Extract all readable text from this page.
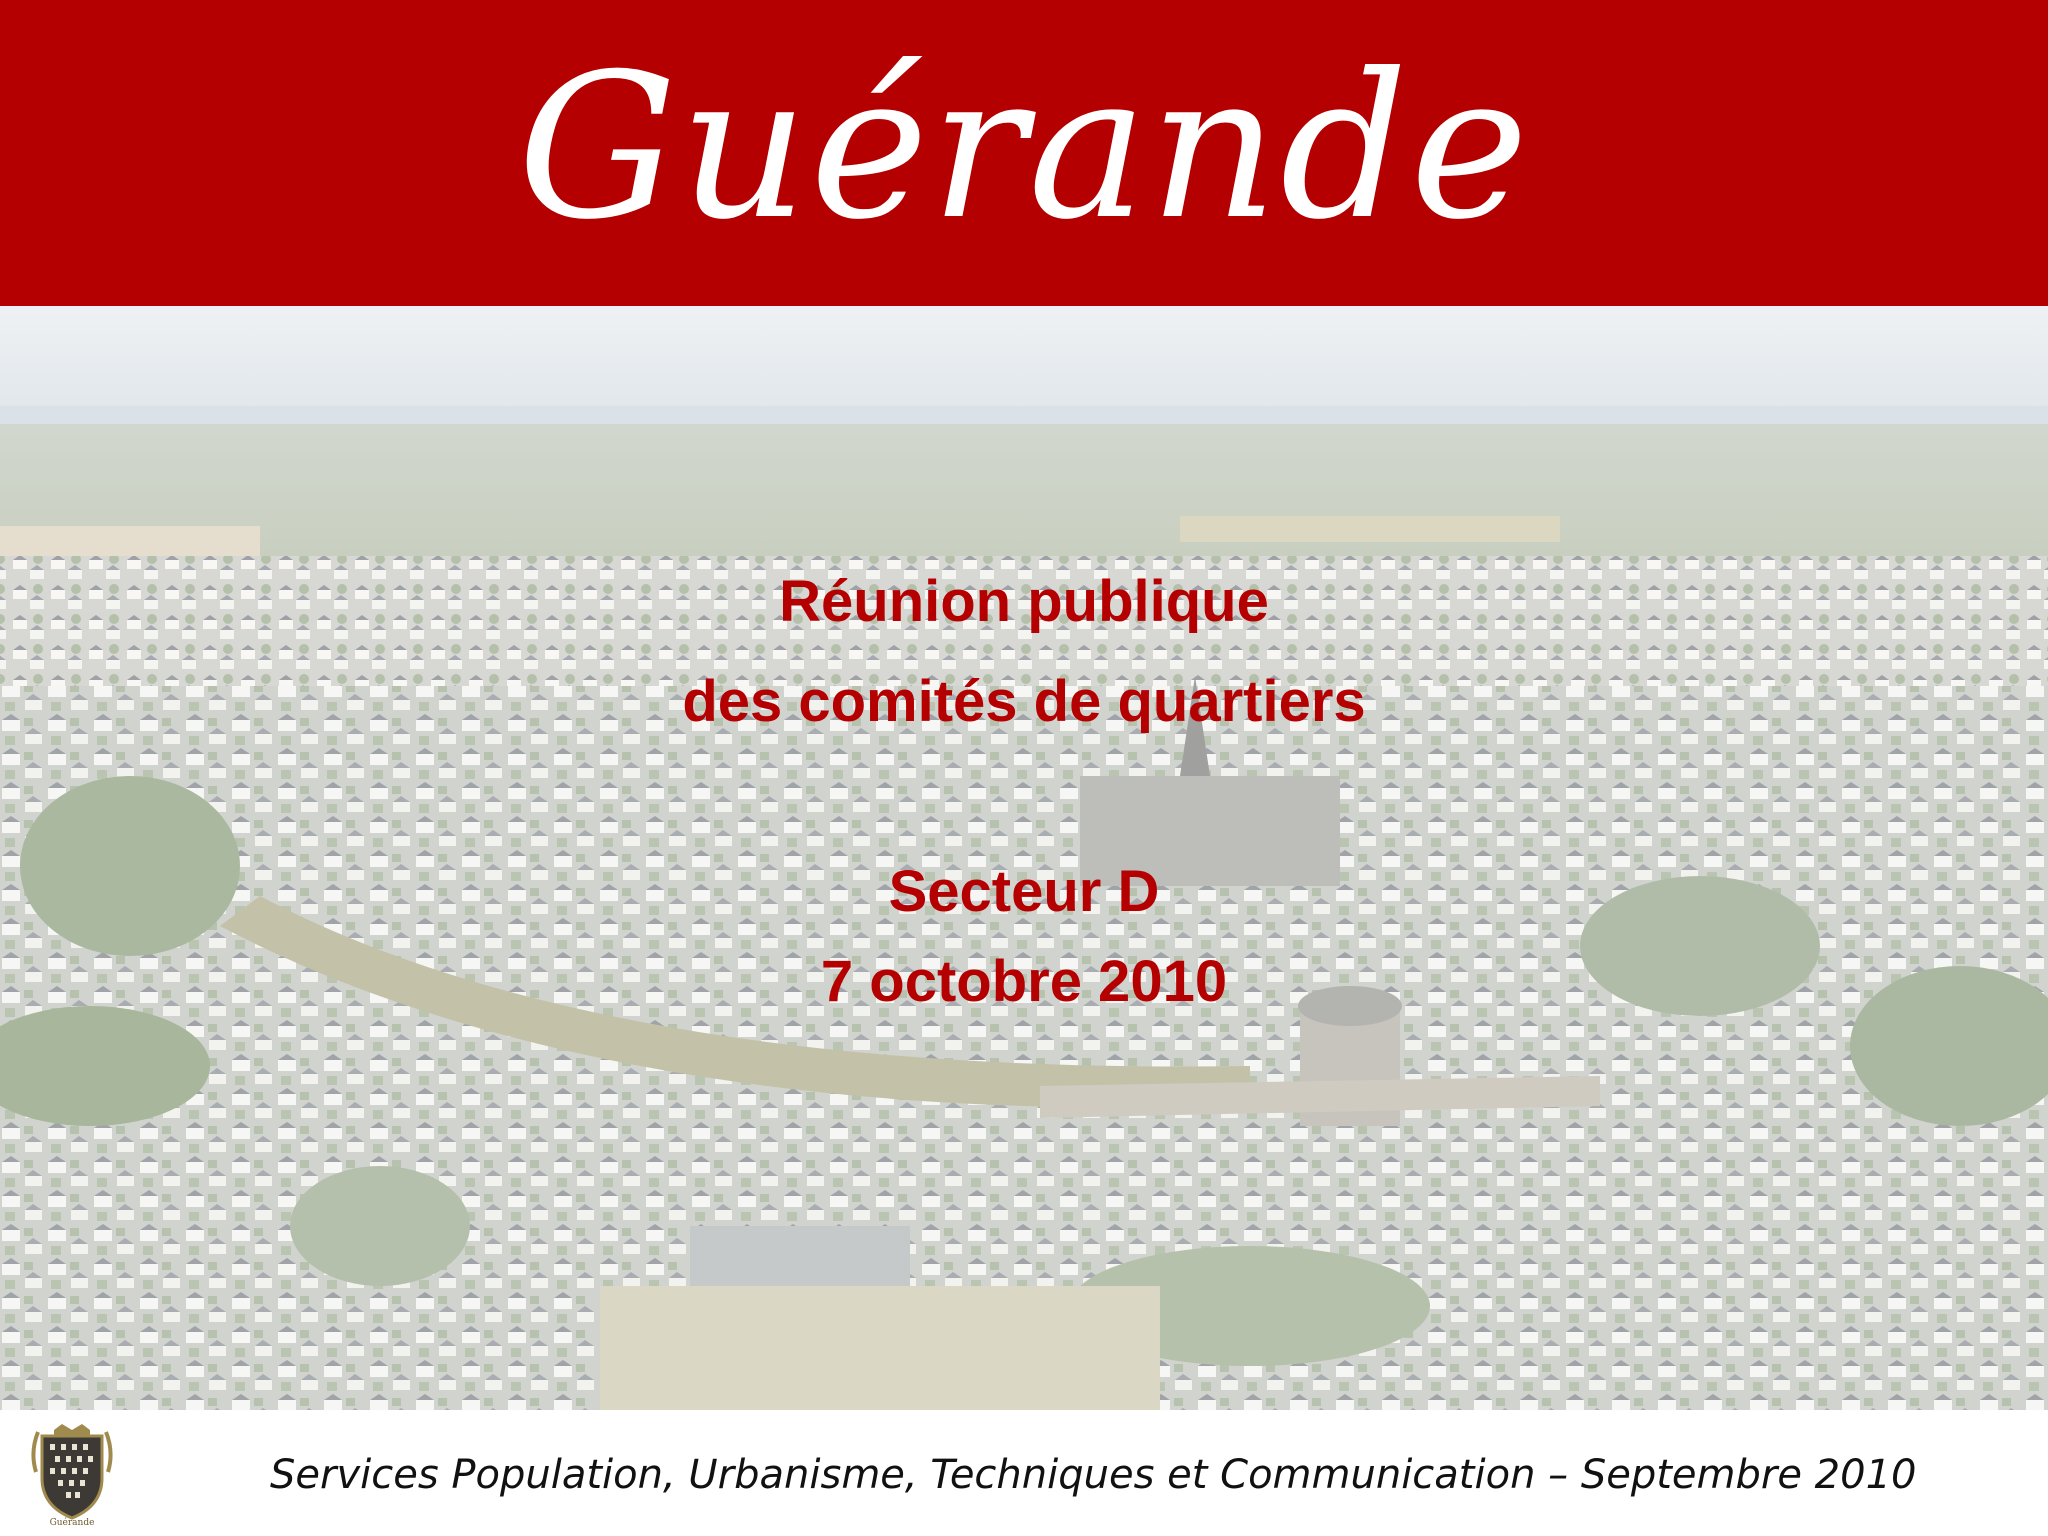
Guérande
Réunion publique
des comités de quartiers
Secteur D
7 octobre 2010
Guérande
Services Population, Urbanisme, Techniques et Communication – Septembre 2010
